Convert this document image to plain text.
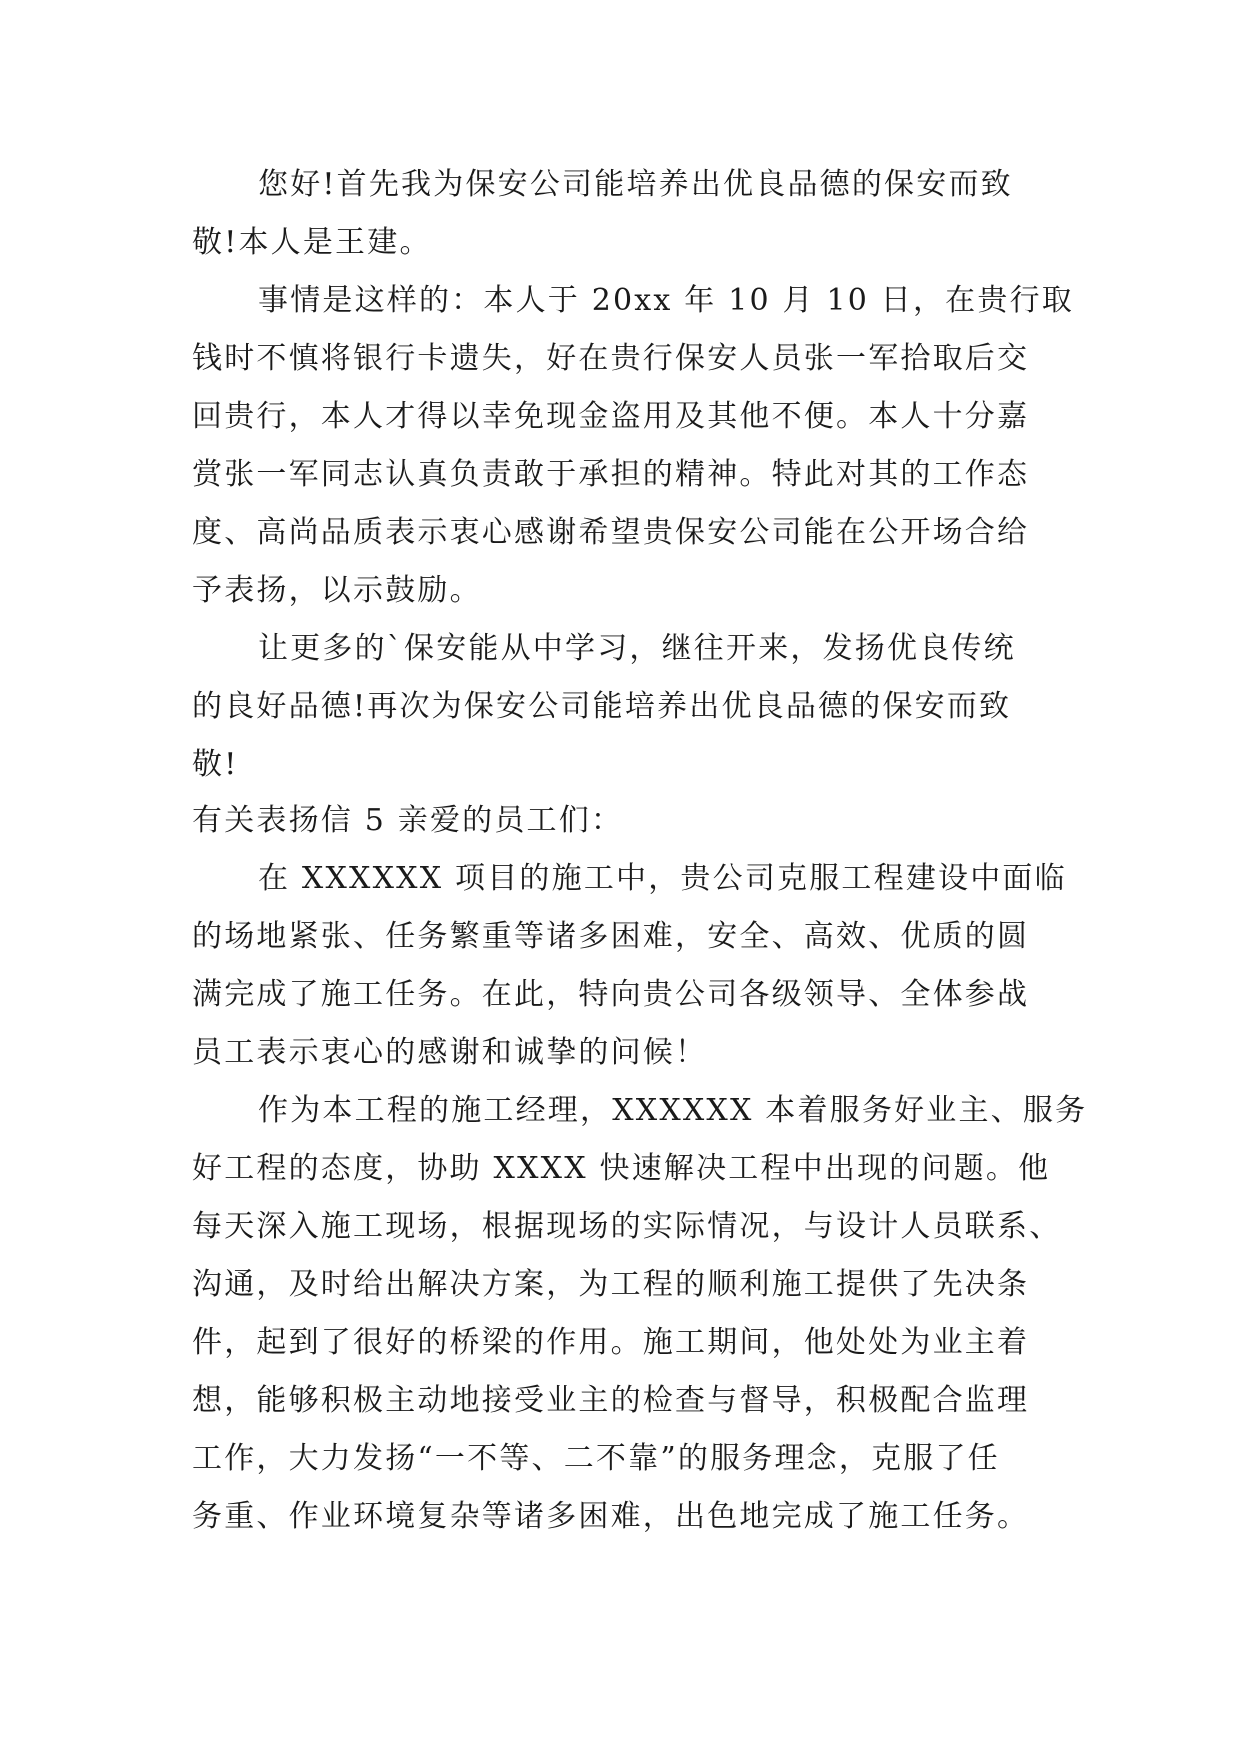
您好!首先我为保安公司能培养出优良品德的保安而致
敬!本人是王建。
事情是这样的：本人于 20xx 年 10 月 10 日，在贵行取
钱时不慎将银行卡遗失，好在贵行保安人员张一军拾取后交
回贵行，本人才得以幸免现金盗用及其他不便。本人十分嘉
赏张一军同志认真负责敢于承担的精神。特此对其的工作态
度、高尚品质表示衷心感谢希望贵保安公司能在公开场合给
予表扬，以示鼓励。
让更多的`保安能从中学习，继往开来，发扬优良传统
的良好品德!再次为保安公司能培养出优良品德的保安而致
敬!
有关表扬信 5 亲爱的员工们：
在 XXXXXX 项目的施工中，贵公司克服工程建设中面临
的场地紧张、任务繁重等诸多困难，安全、高效、优质的圆
满完成了施工任务。在此，特向贵公司各级领导、全体参战
员工表示衷心的感谢和诚挚的问候！
作为本工程的施工经理，XXXXXX 本着服务好业主、服务
好工程的态度，协助 XXXX 快速解决工程中出现的问题。他
每天深入施工现场，根据现场的实际情况，与设计人员联系、
沟通，及时给出解决方案，为工程的顺利施工提供了先决条
件，起到了很好的桥梁的作用。施工期间，他处处为业主着
想，能够积极主动地接受业主的检查与督导，积极配合监理
工作，大力发扬“一不等、二不靠”的服务理念，克服了任
务重、作业环境复杂等诸多困难，出色地完成了施工任务。
